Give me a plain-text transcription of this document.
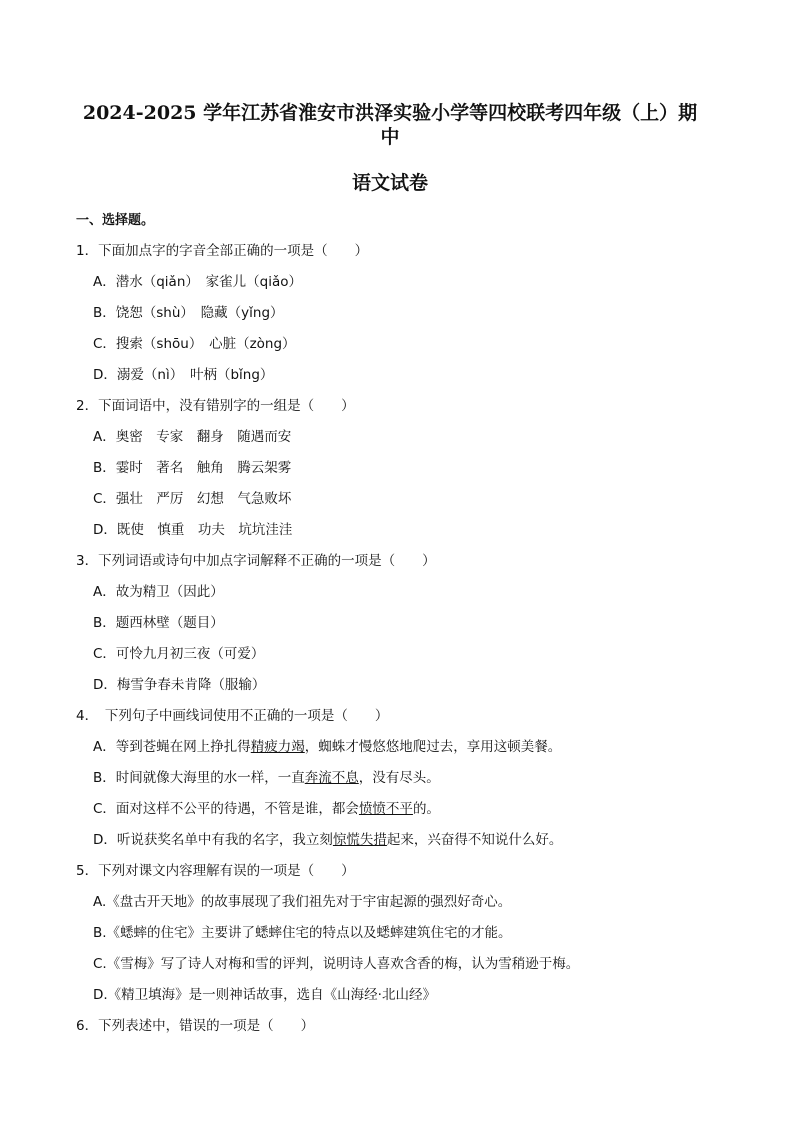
2024-2025 学年江苏省淮安市洪泽实验小学等四校联考四年级（上）期中
语文试卷

一、选择题。

1．下面加点字的字音全部正确的一项是（　　）

A．潜水（qiǎn）　家雀儿（qiǎo）

B．饶恕（shù）　隐藏（yǐng）

C．搜索（shōu）　心脏（zòng）

D．溺爱（nì）　叶柄（bǐng）

2．下面词语中，没有错别字的一组是（　　）

A．奥密　专家　翻身　随遇而安

B．霎时　著名　触角　腾云架雾

C．强壮　严厉　幻想　气急败坏

D．既使　慎重　功夫　坑坑洼洼

3．下列词语或诗句中加点字词解释不正确的一项是（　　）

A．故为精卫（因此）

B．题西林壁（题目）

C．可怜九月初三夜（可爱）

D．梅雪争春未肯降（服输）

4．　下列句子中画线词使用不正确的一项是（　　）

A．等到苍蝇在网上挣扎得精疲力竭，蜘蛛才慢悠悠地爬过去，享用这顿美餐。

B．时间就像大海里的水一样，一直奔流不息，没有尽头。

C．面对这样不公平的待遇，不管是谁，都会愤愤不平的。

D．听说获奖名单中有我的名字，我立刻惊慌失措起来，兴奋得不知说什么好。

5．下列对课文内容理解有误的一项是（　　）

A.《盘古开天地》的故事展现了我们祖先对于宇宙起源的强烈好奇心。

B.《蟋蟀的住宅》主要讲了蟋蟀住宅的特点以及蟋蟀建筑住宅的才能。

C.《雪梅》写了诗人对梅和雪的评判，说明诗人喜欢含香的梅，认为雪稍逊于梅。

D.《精卫填海》是一则神话故事，选自《山海经·北山经》

6．下列表述中，错误的一项是（　　）
